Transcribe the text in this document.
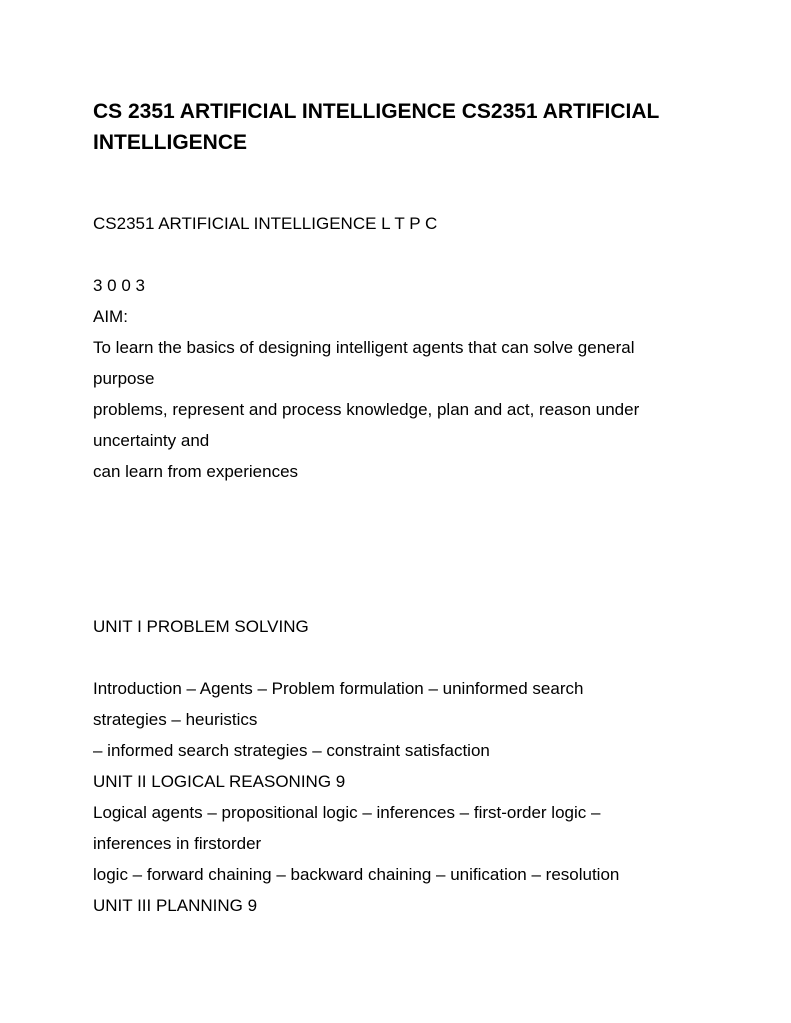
CS 2351 ARTIFICIAL INTELLIGENCE CS2351 ARTIFICIAL INTELLIGENCE

CS2351 ARTIFICIAL INTELLIGENCE L T P C

3 0 0 3

AIM:

To learn the basics of designing intelligent agents that can solve general

purpose

problems, represent and process knowledge, plan and act, reason under

uncertainty and

can learn from experiences

UNIT I PROBLEM SOLVING

Introduction – Agents – Problem formulation – uninformed search

strategies – heuristics

– informed search strategies – constraint satisfaction

UNIT II LOGICAL REASONING 9

Logical agents – propositional logic – inferences – first-order logic –

inferences in firstorder

logic – forward chaining – backward chaining – unification – resolution

UNIT III PLANNING 9
